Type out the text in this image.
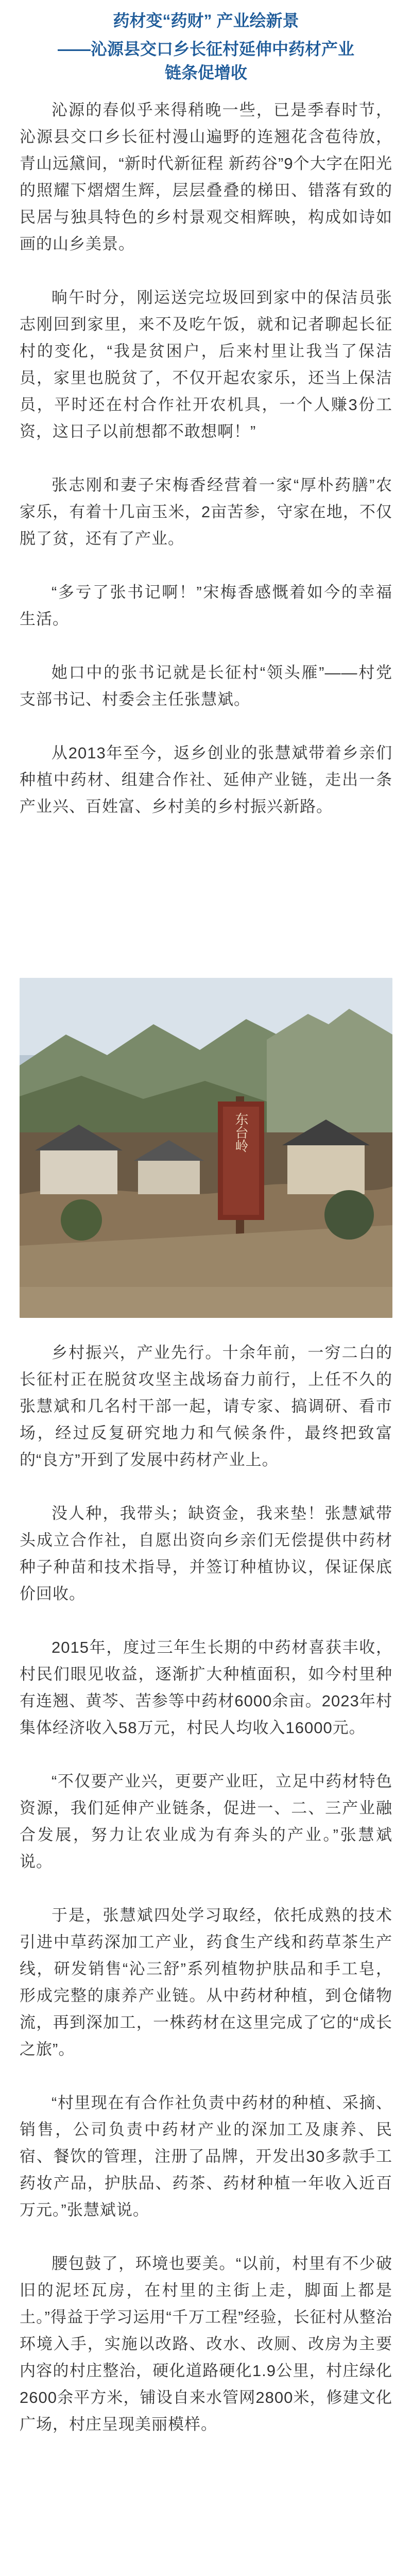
药材变“药财” 产业绘新景

——沁源县交口乡长征村延伸中药材产业

链条促增收

沁源的春似乎来得稍晚一些，已是季春时节，沁源县交口乡长征村漫山遍野的连翘花含苞待放，青山远黛间，“新时代新征程 新药谷”9个大字在阳光的照耀下熠熠生辉，层层叠叠的梯田、错落有致的民居与独具特色的乡村景观交相辉映，构成如诗如画的山乡美景。

晌午时分，刚运送完垃圾回到家中的保洁员张志刚回到家里，来不及吃午饭，就和记者聊起长征村的变化，“我是贫困户，后来村里让我当了保洁员，家里也脱贫了，不仅开起农家乐，还当上保洁员，平时还在村合作社开农机具，一个人赚3份工资，这日子以前想都不敢想啊！”

张志刚和妻子宋梅香经营着一家“厚朴药膳”农家乐，有着十几亩玉米，2亩苦参，守家在地，不仅脱了贫，还有了产业。

“多亏了张书记啊！”宋梅香感慨着如今的幸福生活。

她口中的张书记就是长征村“领头雁”——村党支部书记、村委会主任张慧斌。

从2013年至今，返乡创业的张慧斌带着乡亲们种植中药材、组建合作社、延伸产业链，走出一条产业兴、百姓富、乡村美的乡村振兴新路。

东台岭

乡村振兴，产业先行。十余年前，一穷二白的长征村正在脱贫攻坚主战场奋力前行，上任不久的张慧斌和几名村干部一起，请专家、搞调研、看市场，经过反复研究地力和气候条件，最终把致富的“良方”开到了发展中药材产业上。

没人种，我带头；缺资金，我来垫！张慧斌带头成立合作社，自愿出资向乡亲们无偿提供中药材种子种苗和技术指导，并签订种植协议，保证保底价回收。

2015年，度过三年生长期的中药材喜获丰收，村民们眼见收益，逐渐扩大种植面积，如今村里种有连翘、黄芩、苦参等中药材6000余亩。2023年村集体经济收入58万元，村民人均收入16000元。

“不仅要产业兴，更要产业旺，立足中药材特色资源，我们延伸产业链条，促进一、二、三产业融合发展，努力让农业成为有奔头的产业。”张慧斌说。

于是，张慧斌四处学习取经，依托成熟的技术引进中草药深加工产业，药食生产线和药草茶生产线，研发销售“沁三舒”系列植物护肤品和手工皂，形成完整的康养产业链。从中药材种植，到仓储物流，再到深加工，一株药材在这里完成了它的“成长之旅”。

“村里现在有合作社负责中药材的种植、采摘、销售，公司负责中药材产业的深加工及康养、民宿、餐饮的管理，注册了品牌，开发出30多款手工药妆产品，护肤品、药茶、药材种植一年收入近百万元。”张慧斌说。

腰包鼓了，环境也要美。“以前，村里有不少破旧的泥坯瓦房，在村里的主街上走，脚面上都是土。”得益于学习运用“千万工程”经验，长征村从整治环境入手，实施以改路、改水、改厕、改房为主要内容的村庄整治，硬化道路硬化1.9公里，村庄绿化2600余平方米，铺设自来水管网2800米，修建文化广场，村庄呈现美丽模样。
